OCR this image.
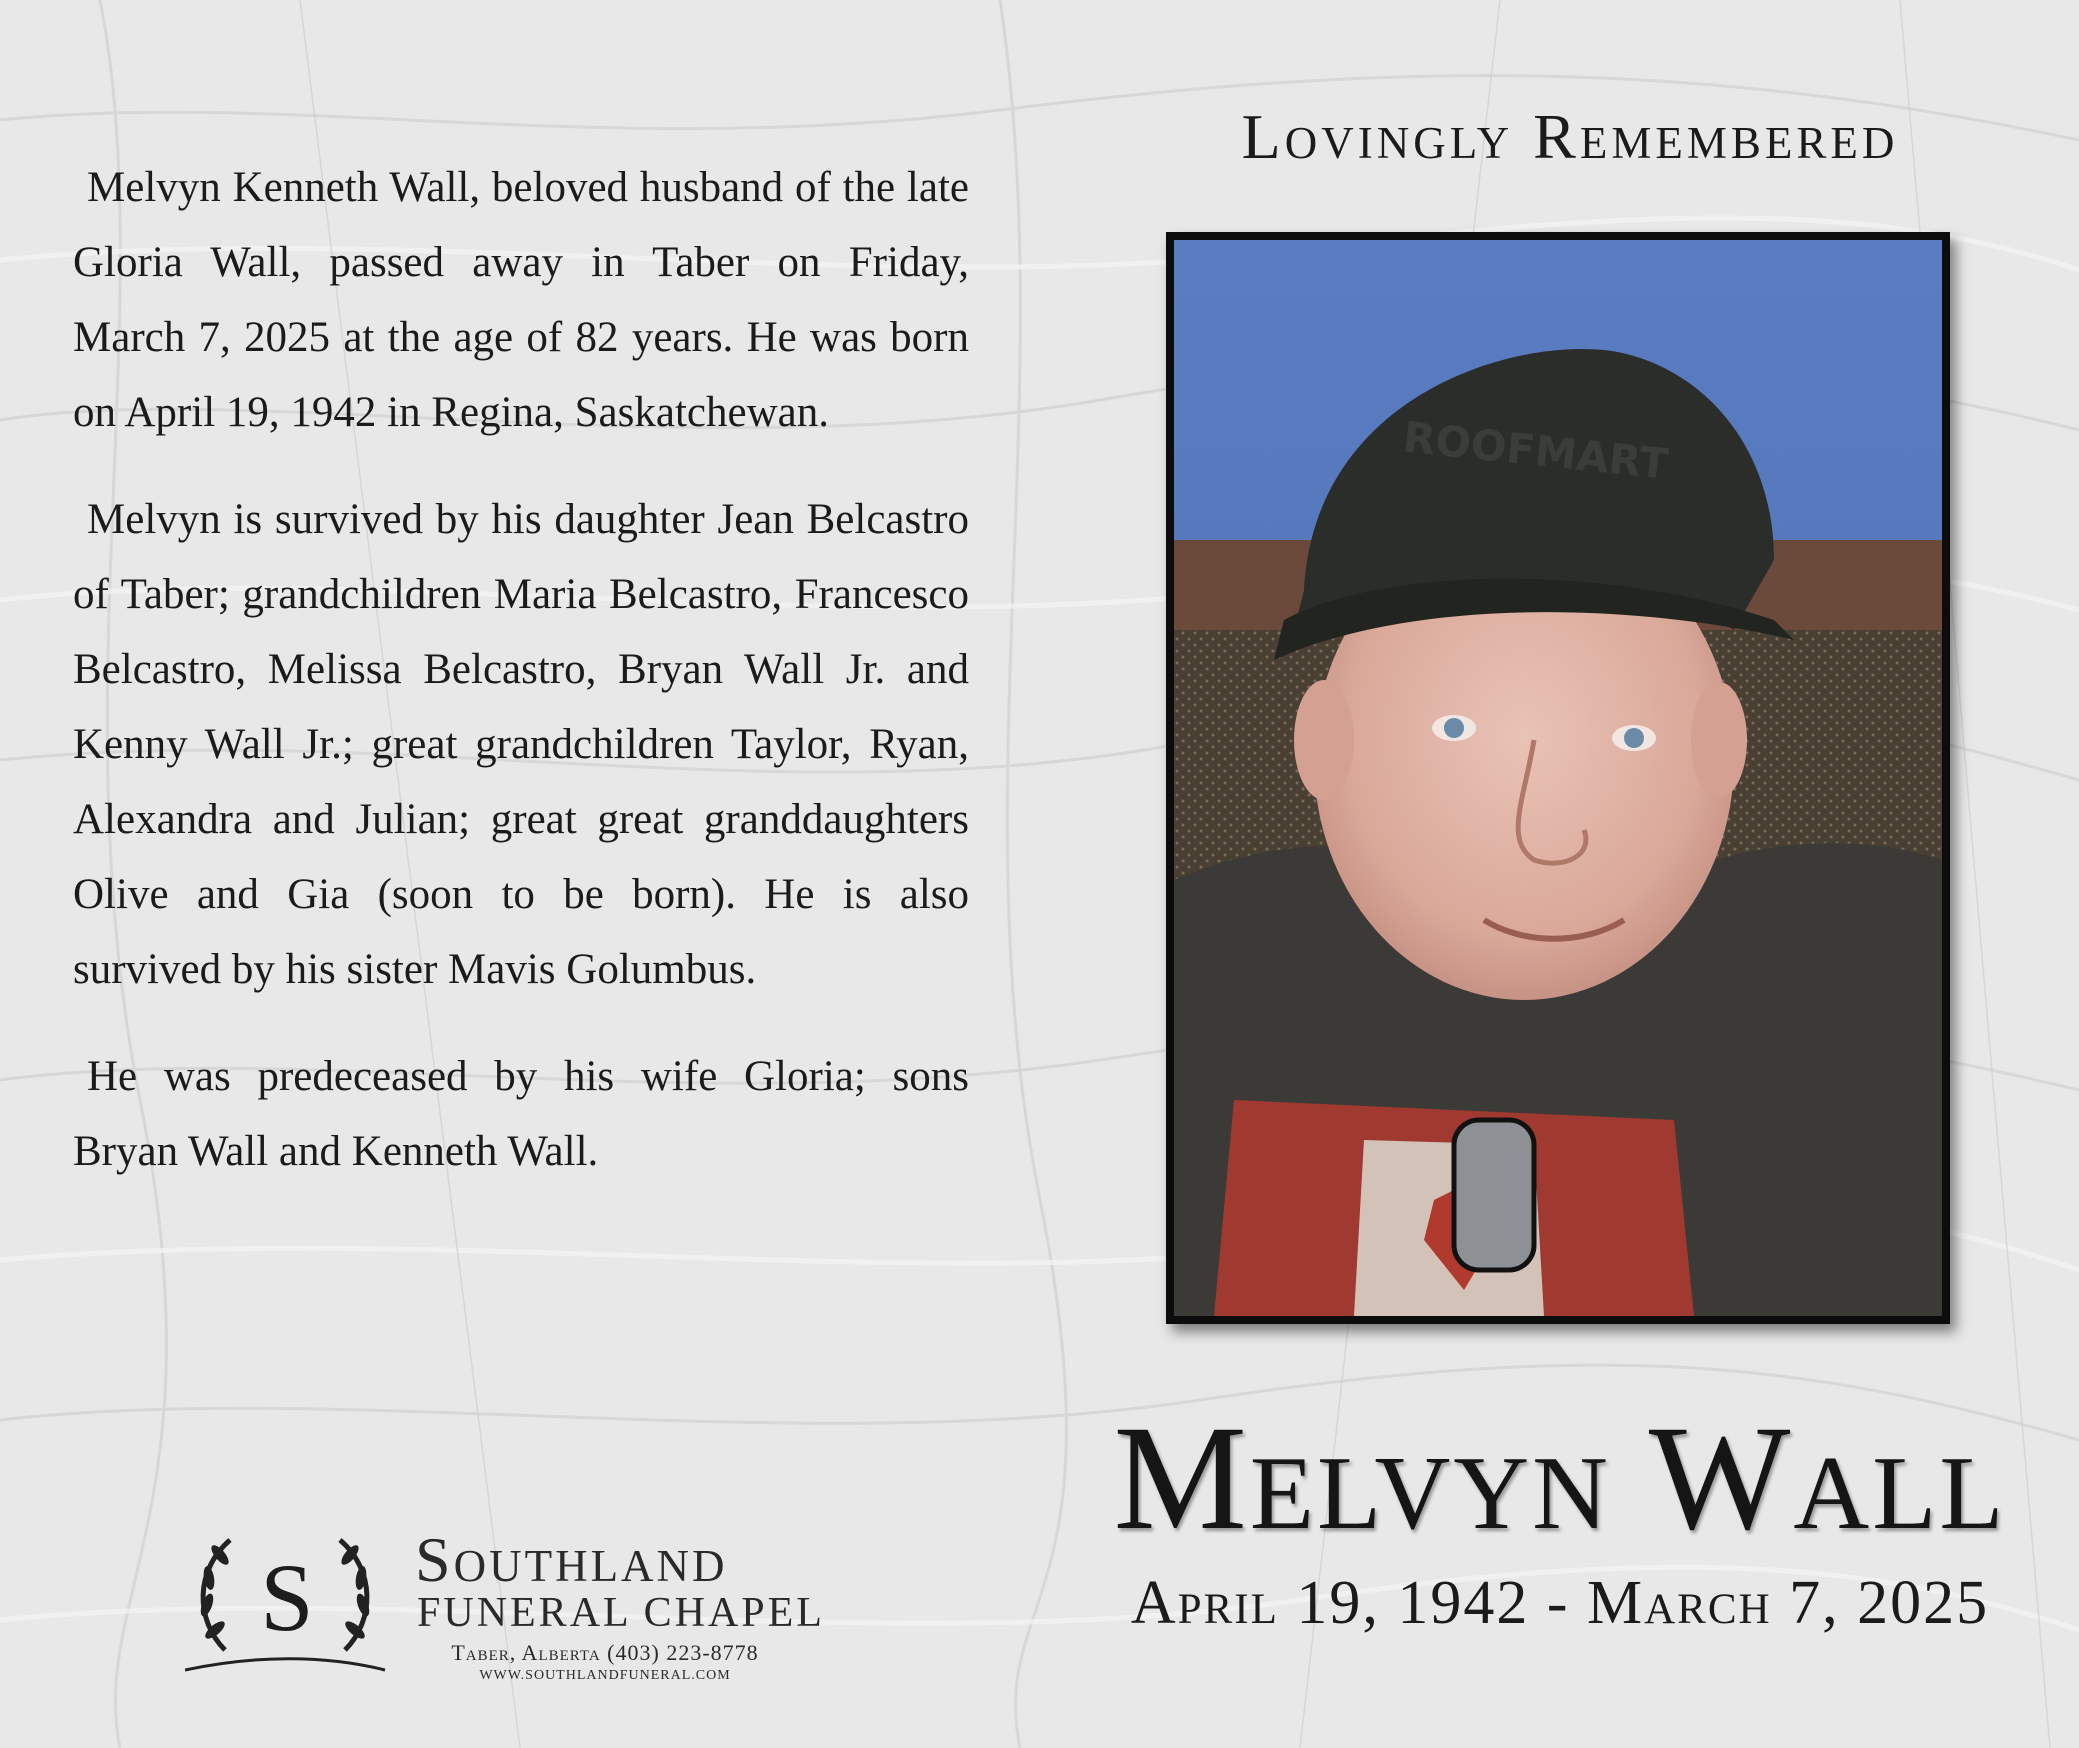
Lovingly Remembered

Melvyn Kenneth Wall, beloved husband of the late Gloria Wall, passed away in Taber on Friday, March 7, 2025 at the age of 82 years. He was born on April 19, 1942 in Regina, Saskatchewan.

Melvyn is survived by his daughter Jean Belcastro of Taber; grandchildren Maria Belcastro, Francesco Belcastro, Melissa Belcastro, Bryan Wall Jr. and Kenny Wall Jr.; great grandchildren Taylor, Ryan, Alexandra and Julian; great great granddaughters Olive and Gia (soon to be born). He is also survived by his sister Mavis Golumbus.

He was predeceased by his wife Gloria; sons Bryan Wall and Kenneth Wall.

ROOFMART
Melvyn Wall
April 19, 1942 - March 7, 2025
S Southland
FUNERAL CHAPEL
Taber, Alberta (403) 223-8778
WWW.SOUTHLANDFUNERAL.COM
